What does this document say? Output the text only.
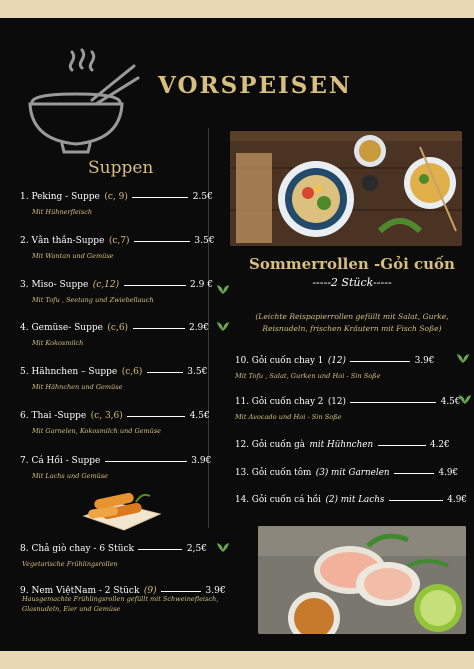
VORSPEISEN
Suppen
1. Peking - Suppe (c, 9)	2.5€
Mit Hühnerfleisch
2. Vằn thắn-Suppe (c,7)	3.5€
Mit Wantan und Gemüse
3. Miso- Suppe (c,12)	2.9 €
Mit Tofu , Seetang und Zwiebellauch
4. Gemüse- Suppe (c,6)	2.9€
Mit Kokosmilch
5. Hähnchen – Suppe (c,6)	3.5€
Mit Hähnchen und Gemüse
6. Thai -Suppe (c, 3,6)	4.5€
Mit Garnelen, Kokosmilch und Gemüse
7. Cá Hồi - Suppe	3.9€
Mit Lachs und Gemüse
8. Chả giò chay - 6 Stück	2,5€
Vegetarische Frühlingsrollen
9. Nem ViệtNam - 2 Stück (9)	3.9€
Hausgemachte Frühlingsrollen gefüllt mit Schweinefleisch, Glasnudeln, Eier und Gemüse
Sommerrollen -Gỏi cuốn
-----2 Stück-----
(Leichte Reispapierrollen gefüllt mit Salat, Gurke, Reisnudeln, frischen Kräutern mit Fisch Soße)
10. Gỏi cuốn chay 1 (12)	3.9€
Mit Tofu , Salat, Gurken und Hoi - Sin Soße
11. Gỏi cuốn chay 2 (12)	4.5€
Mit Avocado und Hoi - Sin Soße
12. Gỏi cuốn gà mit Hühnchen	4.2€
13. Gỏi cuốn tôm (3) mit Garnelen	4.9€
14. Gỏi cuốn cá hồi (2) mit Lachs	4.9€
